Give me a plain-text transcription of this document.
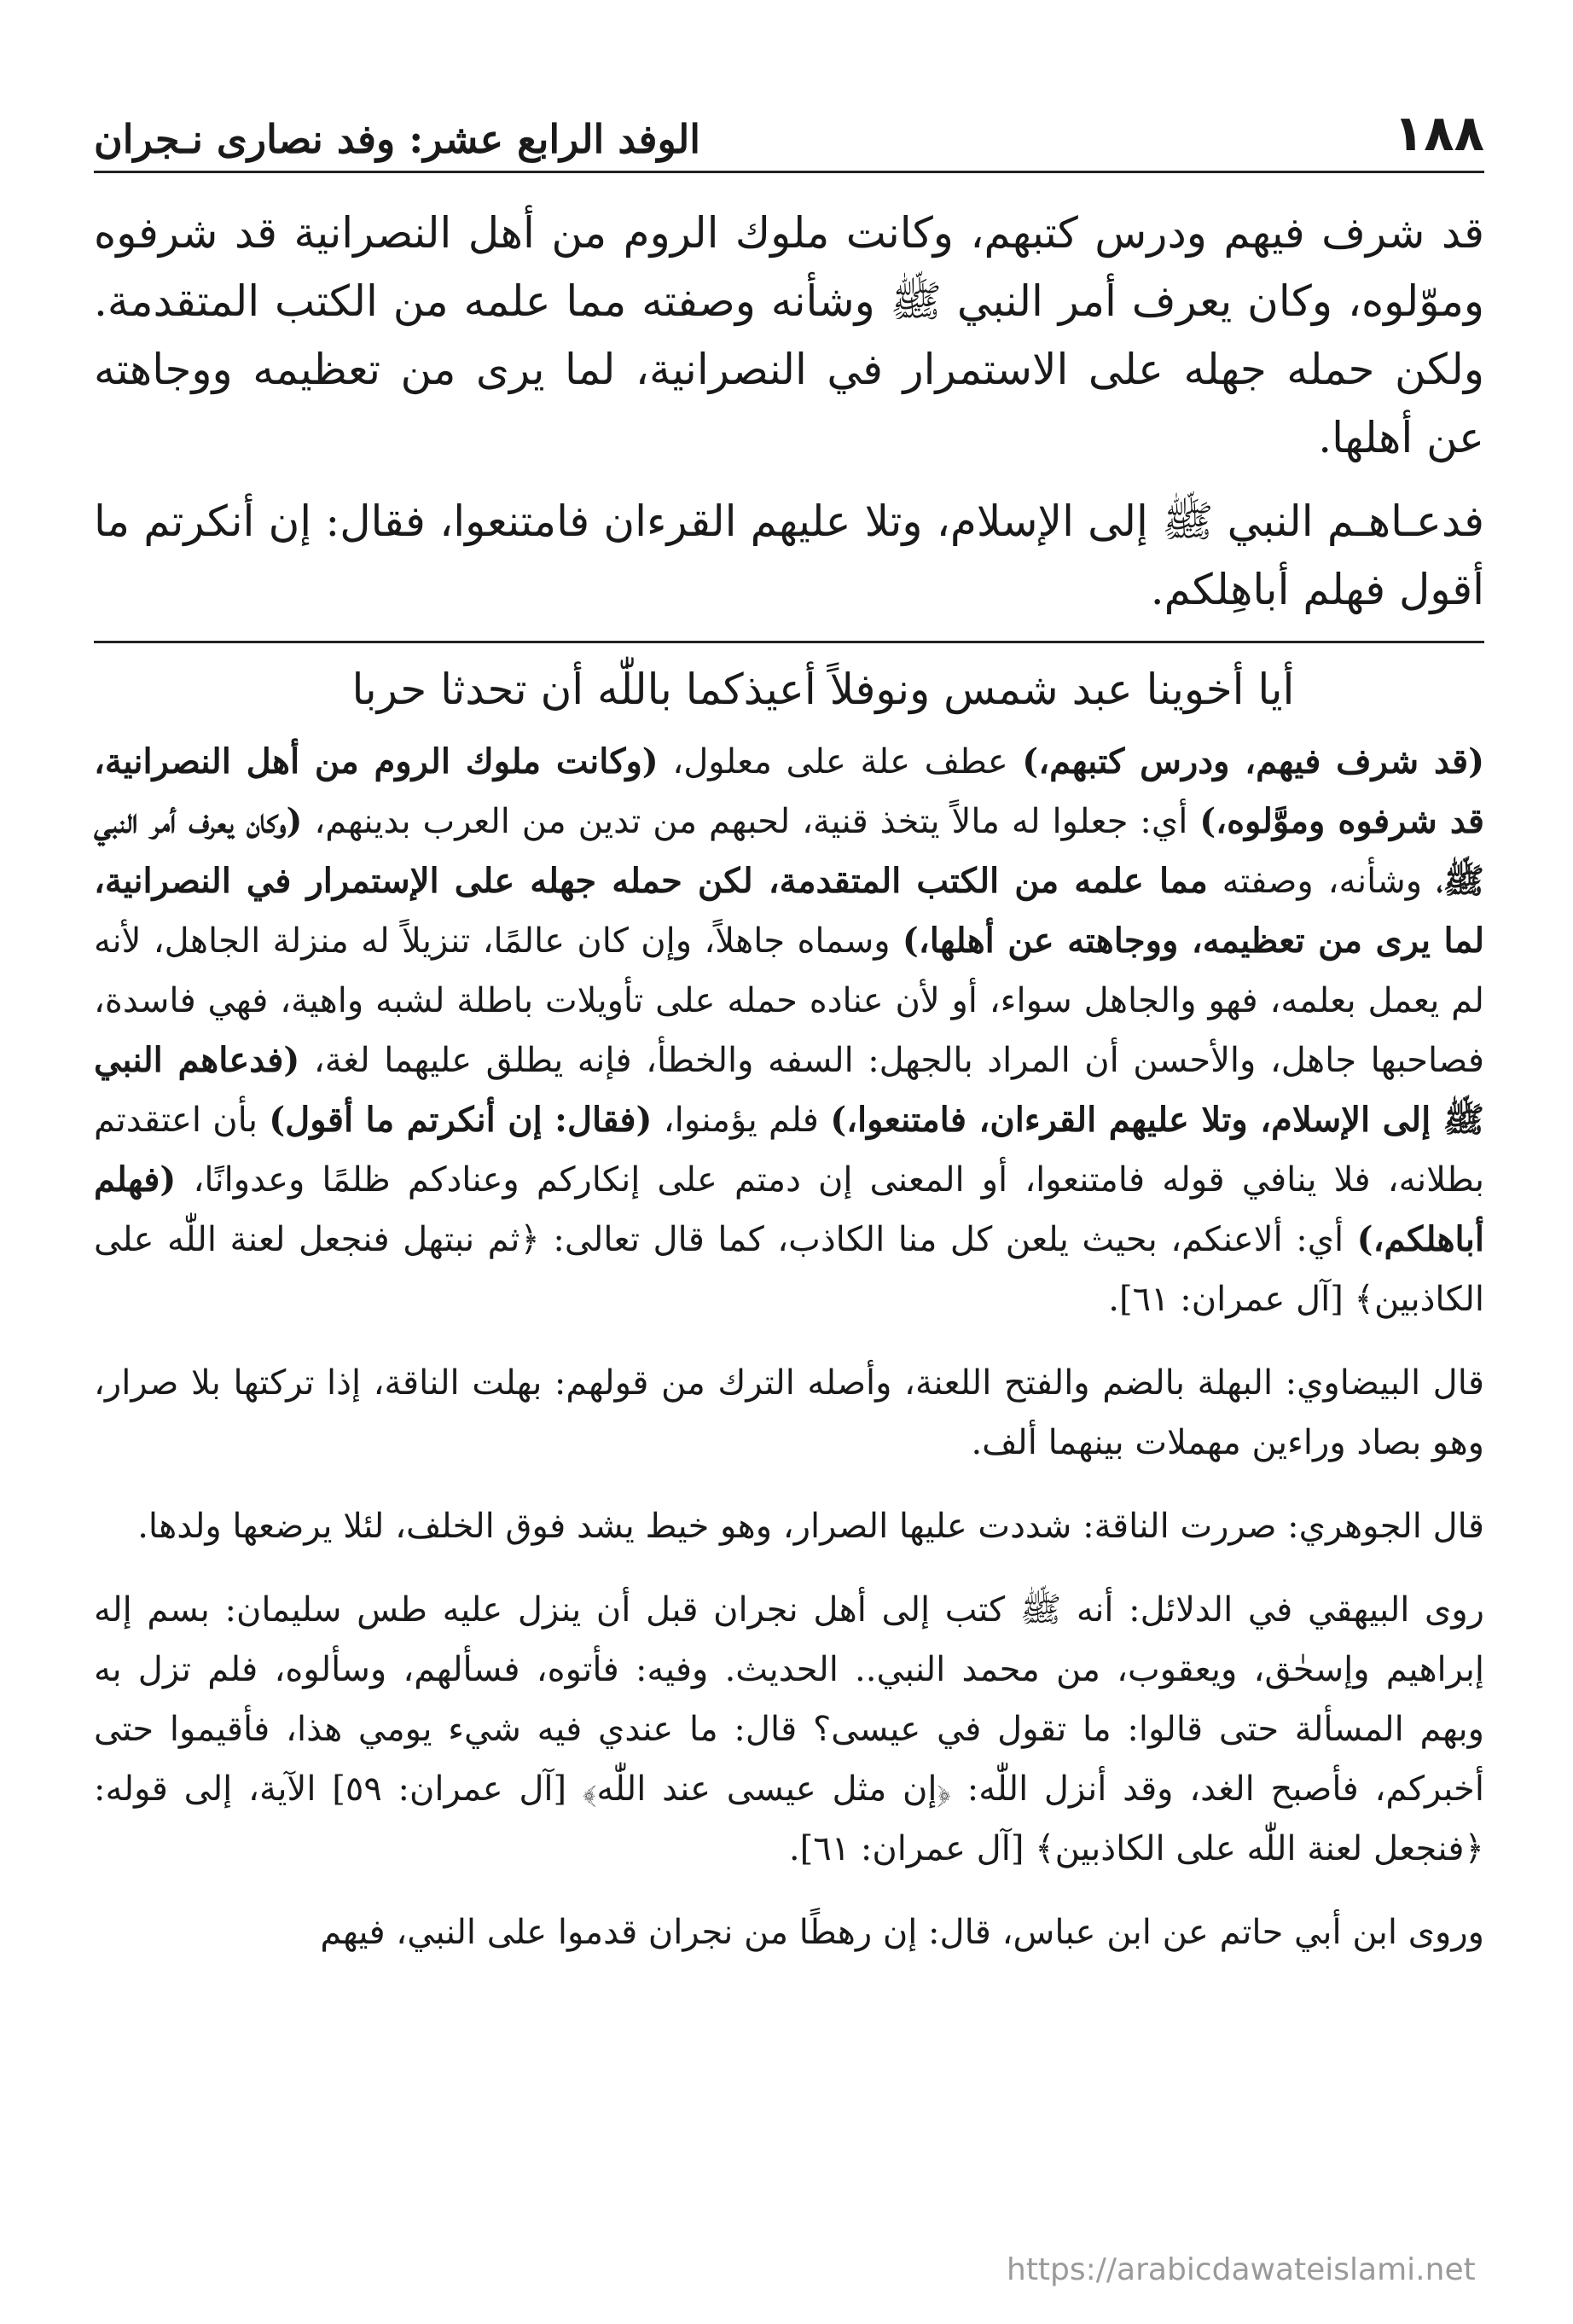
١٨٨
الوفد الرابع عشر: وفد نصارى نـجران

قد شرف فيهم ودرس كتبهم، وكانت ملوك الروم من أهل النصرانية قد شرفوه وموّلوه، وكان يعرف أمر النبي ﷺ وشأنه وصفته مما علمه من الكتب المتقدمة. ولكن حمله جهله على الاستمرار في النصرانية، لما يرى من تعظيمه ووجاهته عن أهلها.

فدعـاهـم النبي ﷺ إلى الإسلام، وتلا عليهم القرءان فامتنعوا، فقال: إن أنكرتم ما أقول فهلم أباهِلكم.

أيا أخوينا عبد شمس ونوفلاً أعيذكما باللّٰه أن تحدثا حربا

(قد شرف فيهم، ودرس كتبهم،) عطف علة على معلول، (وكانت ملوك الروم من أهل النصرانية، قد شرفوه وموَّلوه،) أي: جعلوا له مالاً يتخذ قنية، لحبهم من تدين من العرب بدينهم، (وكان يعرف أمر النبي ﷺ، وشأنه، وصفته مما علمه من الكتب المتقدمة، لكن حمله جهله على الإستمرار في النصرانية، لما يرى من تعظيمه، ووجاهته عن أهلها،) وسماه جاهلاً، وإن كان عالمًا، تنزيلاً له منزلة الجاهل، لأنه لم يعمل بعلمه، فهو والجاهل سواء، أو لأن عناده حمله على تأويلات باطلة لشبه واهية، فهي فاسدة، فصاحبها جاهل، والأحسن أن المراد بالجهل: السفه والخطأ، فإنه يطلق عليهما لغة، (فدعاهم النبي ﷺ إلى الإسلام، وتلا عليهم القرءان، فامتنعوا،) فلم يؤمنوا، (فقال: إن أنكرتم ما أقول) بأن اعتقدتم بطلانه، فلا ينافي قوله فامتنعوا، أو المعنى إن دمتم على إنكاركم وعنادكم ظلمًا وعدوانًا، (فهلم أباهلكم،) أي: ألاعنكم، بحيث يلعن كل منا الكاذب، كما قال تعالى: ﴿ثم نبتهل فنجعل لعنة اللّٰه على الكاذبين﴾ [آل عمران: ٦١].

قال البيضاوي: البهلة بالضم والفتح اللعنة، وأصله الترك من قولهم: بهلت الناقة، إذا تركتها بلا صرار، وهو بصاد وراءين مهملات بينهما ألف.

قال الجوهري: صررت الناقة: شددت عليها الصرار، وهو خيط يشد فوق الخلف، لئلا يرضعها ولدها.

روى البيهقي في الدلائل: أنه ﷺ كتب إلى أهل نجران قبل أن ينزل عليه طس سليمان: بسم إله إبراهيم وإسحٰق، ويعقوب، من محمد النبي.. الحديث. وفيه: فأتوه، فسألهم، وسألوه، فلم تزل به وبهم المسألة حتى قالوا: ما تقول في عيسى؟ قال: ما عندي فيه شيء يومي هذا، فأقيموا حتى أخبركم، فأصبح الغد، وقد أنزل اللّٰه: ﴿إن مثل عيسى عند اللّٰه﴾ [آل عمران: ٥٩] الآية، إلى قوله: ﴿فنجعل لعنة اللّٰه على الكاذبين﴾ [آل عمران: ٦١].

وروى ابن أبي حاتم عن ابن عباس، قال: إن رهطًا من نجران قدموا على النبي، فيهم

https://arabicdawateislami.net
